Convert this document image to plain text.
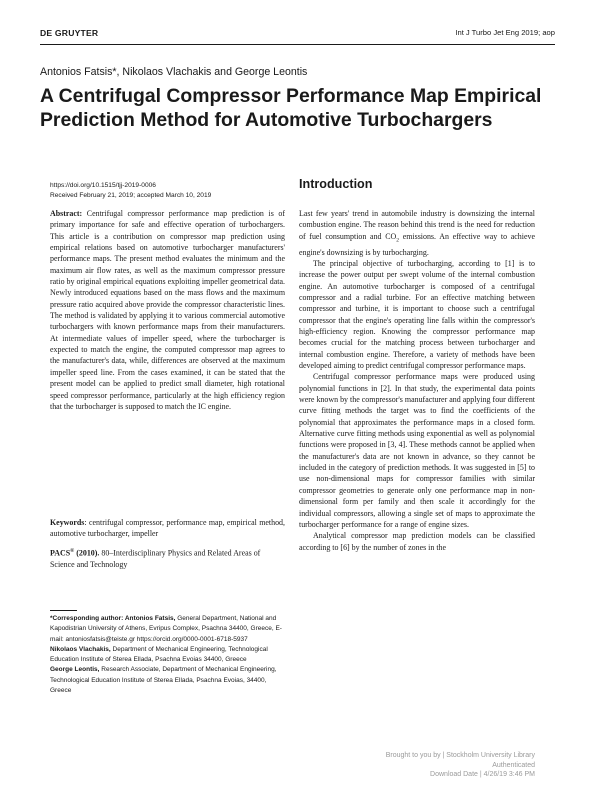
DE GRUYTER	Int J Turbo Jet Eng 2019; aop
Antonios Fatsis*, Nikolaos Vlachakis and George Leontis
A Centrifugal Compressor Performance Map Empirical Prediction Method for Automotive Turbochargers
https://doi.org/10.1515/tjj-2019-0006
Received February 21, 2019; accepted March 10, 2019

Abstract: Centrifugal compressor performance map prediction is of primary importance for safe and effective operation of turbochargers. This article is a contribution on compressor map prediction using empirical relations based on automotive turbocharger manufacturers' performance maps. The present method evaluates the minimum and the maximum air flow rates, as well as the maximum compressor pressure ratio by original empirical equations exploiting impeller geometrical data. Newly introduced equations based on the mass flows and the maximum pressure ratio acquired above provide the compressor characteristic lines. The method is validated by applying it to various commercial automotive turbochargers with known performance maps from their manufacturers. At intermediate values of impeller speed, where the turbocharger is expected to match the engine, the computed compressor map agrees to the manufacturer's data, while, differences are observed at the maximum impeller speed line. From the cases examined, it can be stated that the present model can be applied to predict small diameter, high rotational speed compressor performance, particularly at the high efficiency region that the turbocharger is supposed to match the IC engine.

Keywords: centrifugal compressor, performance map, empirical method, automotive turbocharger, impeller

PACS® (2010). 80–Interdisciplinary Physics and Related Areas of Science and Technology

*Corresponding author: Antonios Fatsis, General Department, National and Kapodistrian University of Athens, Evripus Complex, Psachna 34400, Greece, E-mail: antoniosfatsis@teiste.gr https://orcid.org/0000-0001-6718-5937

Nikolaos Vlachakis, Department of Mechanical Engineering, Technological Education Institute of Sterea Ellada, Psachna Evoias 34400, Greece

George Leontis, Research Associate, Department of Mechanical Engineering, Technological Education Institute of Sterea Ellada, Psachna Evoias, 34400, Greece

Introduction

Last few years' trend in automobile industry is downsizing the internal combustion engine. The reason behind this trend is the need for reduction of fuel consumption and $CO_2$ emissions. An effective way to achieve engine's downsizing is by turbocharging.

The principal objective of turbocharging, according to [1] is to increase the power output per swept volume of the internal combustion engine. An automotive turbocharger is composed of a centrifugal compressor and a radial turbine. For an effective matching between compressor and turbine, it is important to choose such a centrifugal compressor that the engine's operating line falls within the compressor's high-efficiency region. Knowing the compressor performance map becomes crucial for the matching process between turbocharger and internal combustion engine. Therefore, a variety of methods have been developed aiming to predict centrifugal compressor performance maps.

Centrifugal compressor performance maps were produced using polynomial functions in [2]. In that study, the experimental data points were known by the compressor's manufacturer and applying four different curve fitting methods the target was to find the coefficients of the polynomial that approximates the performance maps in a closed form. Alternative curve fitting methods using exponential as well as polynomial functions were proposed in [3, 4]. These methods cannot be applied when the manufacturer's data are not known in advance, so they cannot be included in the category of prediction methods. It was suggested in [5] to use non-dimensional maps for compressor families with similar compressor geometries to generate only one performance map in non-dimensional form per family and then scale it accordingly for the individual compressors, allowing a single set of maps to approximate the turbocharger performance for a range of engine sizes.

Analytical compressor map prediction models can be classified according to [6] by the number of zones in the

Brought to you by | Stockholm University Library
Authenticated
Download Date | 4/26/19 3:46 PM
